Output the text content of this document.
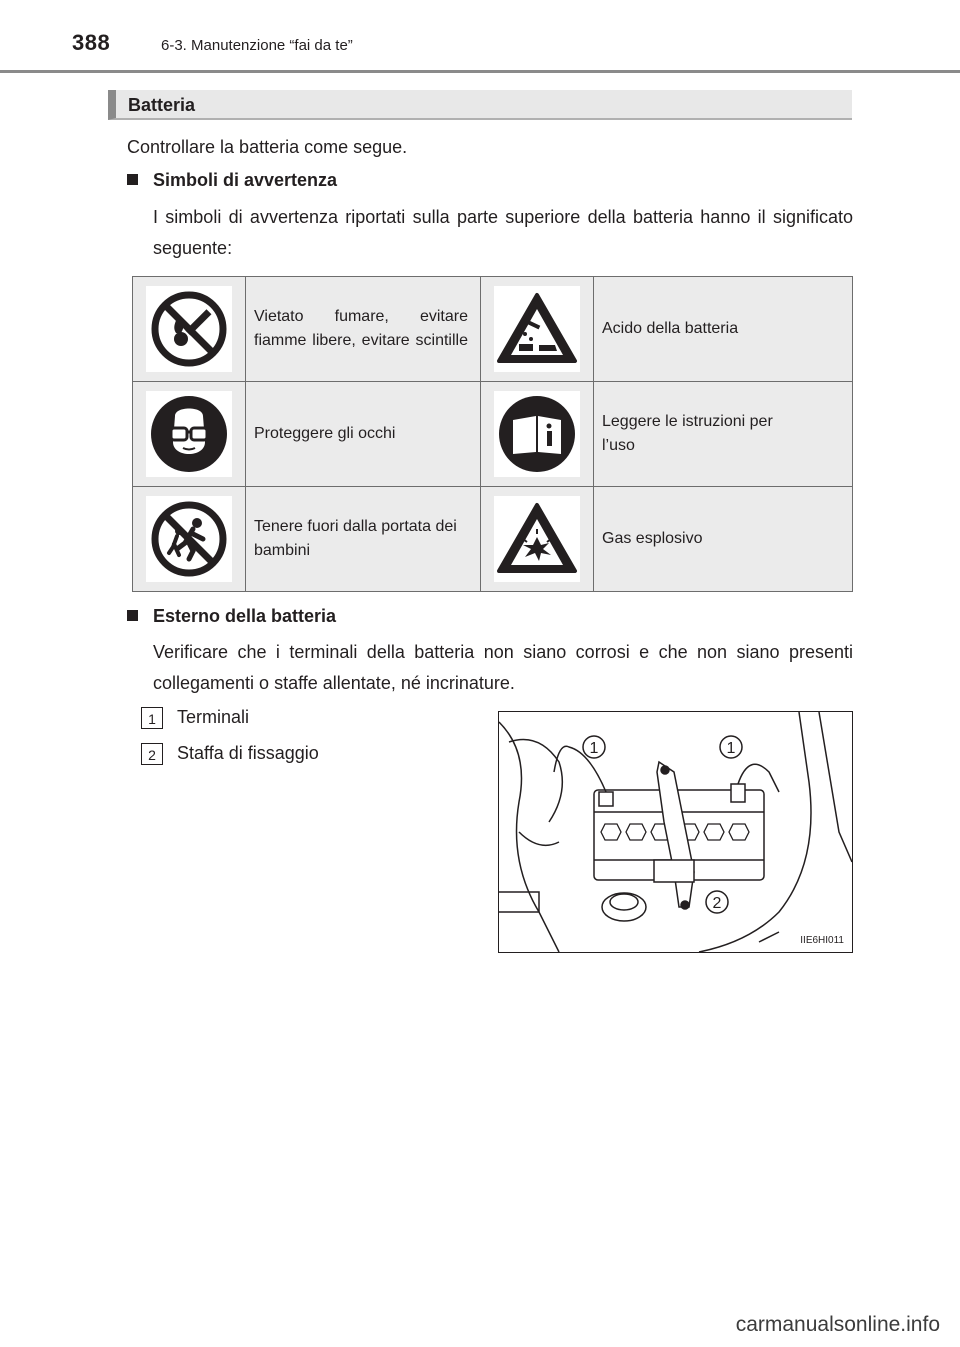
388	6-3. Manutenzione “fai da te”
Batteria
Controllare la batteria come segue.
Simboli di avvertenza
I simboli di avvertenza riportati sulla parte superiore della batteria hanno il significato seguente:

Vietato fumare, evitare fiamme libere, evitare scintille		Acido della batteria

Proteggere gli occhi		Leggere le istruzioni per l’uso

Tenere fuori dalla portata dei bambini		Gas esplosivo
Esterno della batteria
Verificare che i terminali della batteria non siano corrosi e che non siano presenti collegamenti o staffe allentate, né incrinature.
1	Terminali
2	Staffa di fissaggio	1	1
2
IIE6HI011
carmanualsonline.info
